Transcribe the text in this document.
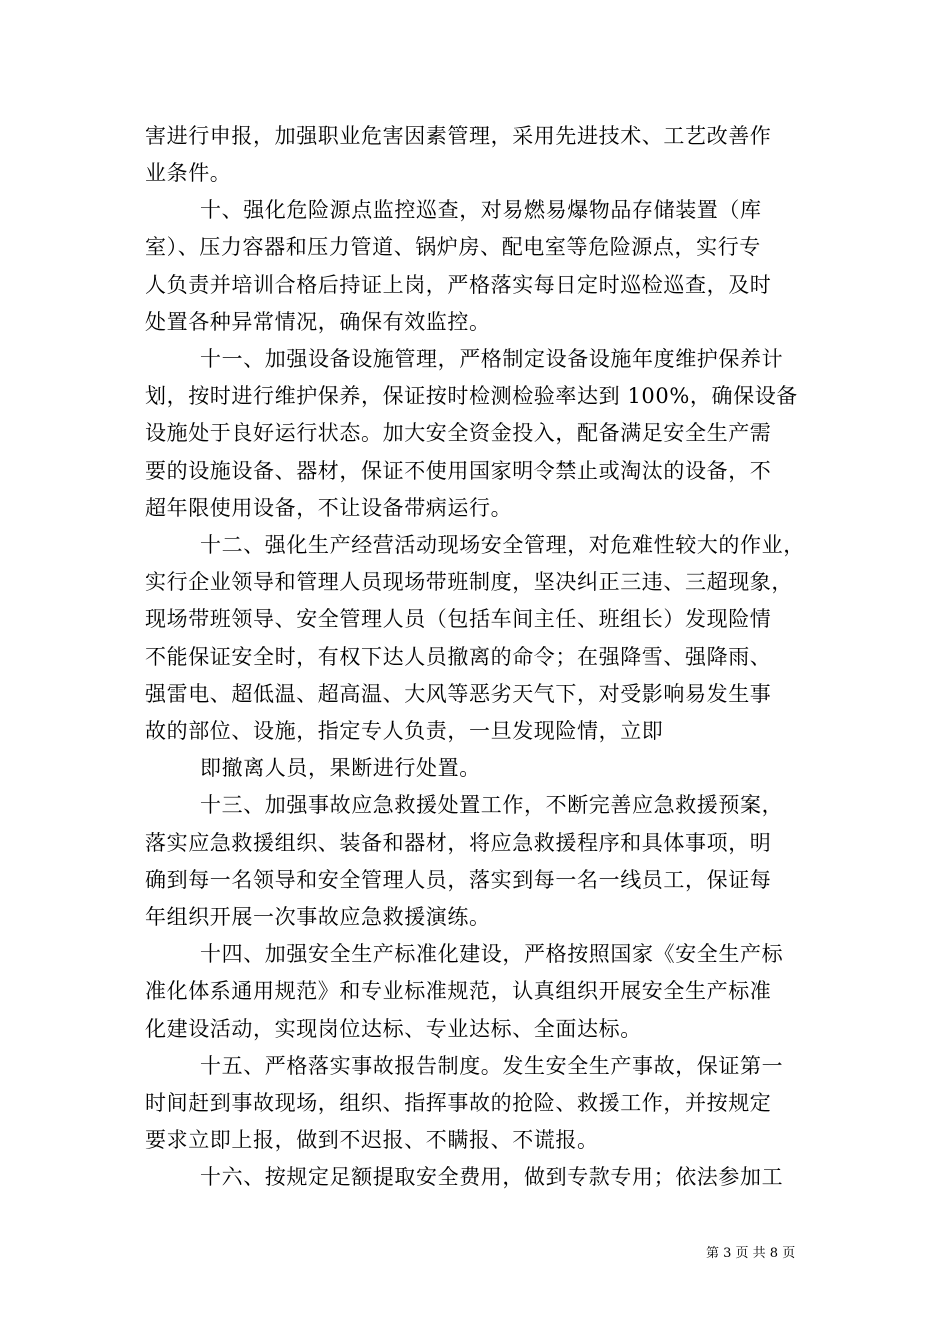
害进行申报，加强职业危害因素管理，采用先进技术、工艺改善作
业条件。
十、强化危险源点监控巡查，对易燃易爆物品存储装置（库
室）、压力容器和压力管道、锅炉房、配电室等危险源点，实行专
人负责并培训合格后持证上岗，严格落实每日定时巡检巡查，及时
处置各种异常情况，确保有效监控。
十一、加强设备设施管理，严格制定设备设施年度维护保养计
划，按时进行维护保养，保证按时检测检验率达到 100%，确保设备
设施处于良好运行状态。加大安全资金投入，配备满足安全生产需
要的设施设备、器材，保证不使用国家明令禁止或淘汰的设备，不
超年限使用设备，不让设备带病运行。
十二、强化生产经营活动现场安全管理，对危难性较大的作业，
实行企业领导和管理人员现场带班制度，坚决纠正三违、三超现象，
现场带班领导、安全管理人员（包括车间主任、班组长）发现险情
不能保证安全时，有权下达人员撤离的命令；在强降雪、强降雨、
强雷电、超低温、超高温、大风等恶劣天气下，对受影响易发生事
故的部位、设施，指定专人负责，一旦发现险情，立即
即撤离人员，果断进行处置。
十三、加强事故应急救援处置工作，不断完善应急救援预案，
落实应急救援组织、装备和器材，将应急救援程序和具体事项，明
确到每一名领导和安全管理人员，落实到每一名一线员工，保证每
年组织开展一次事故应急救援演练。
十四、加强安全生产标准化建设，严格按照国家《安全生产标
准化体系通用规范》和专业标准规范，认真组织开展安全生产标准
化建设活动，实现岗位达标、专业达标、全面达标。
十五、严格落实事故报告制度。发生安全生产事故，保证第一
时间赶到事故现场，组织、指挥事故的抢险、救援工作，并按规定
要求立即上报，做到不迟报、不瞒报、不谎报。
十六、按规定足额提取安全费用，做到专款专用；依法参加工
第 3 页 共 8 页
